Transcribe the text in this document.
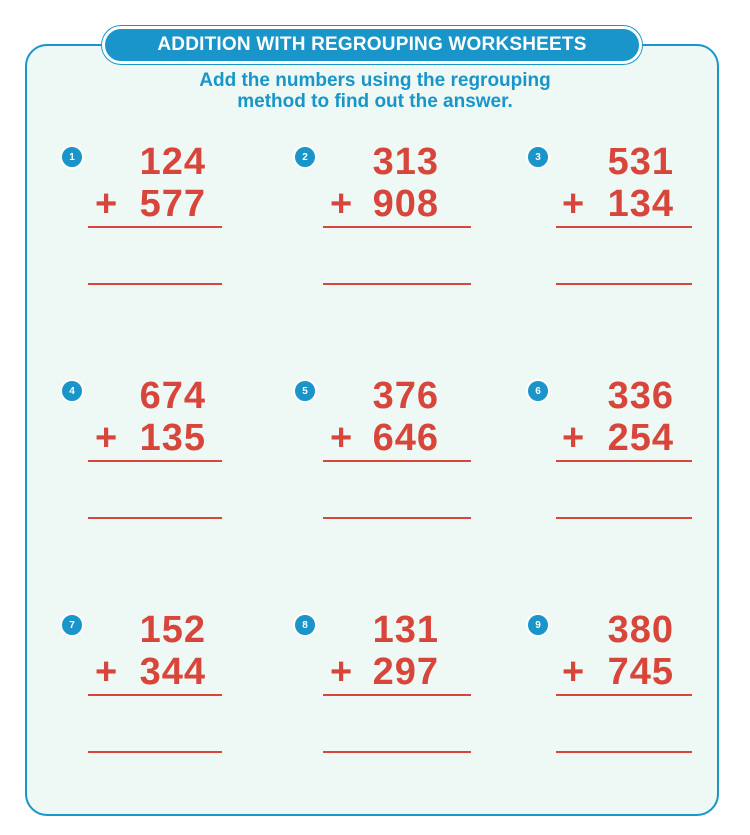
ADDITION WITH REGROUPING WORKSHEETS
Add the numbers using the regrouping
method to find out the answer.
1 124
+ 577
2 313
+ 908
3 531
+ 134
4 674
+ 135
5 376
+ 646
6 336
+ 254
7 152
+ 344
8 131
+ 297
9 380
+ 745
